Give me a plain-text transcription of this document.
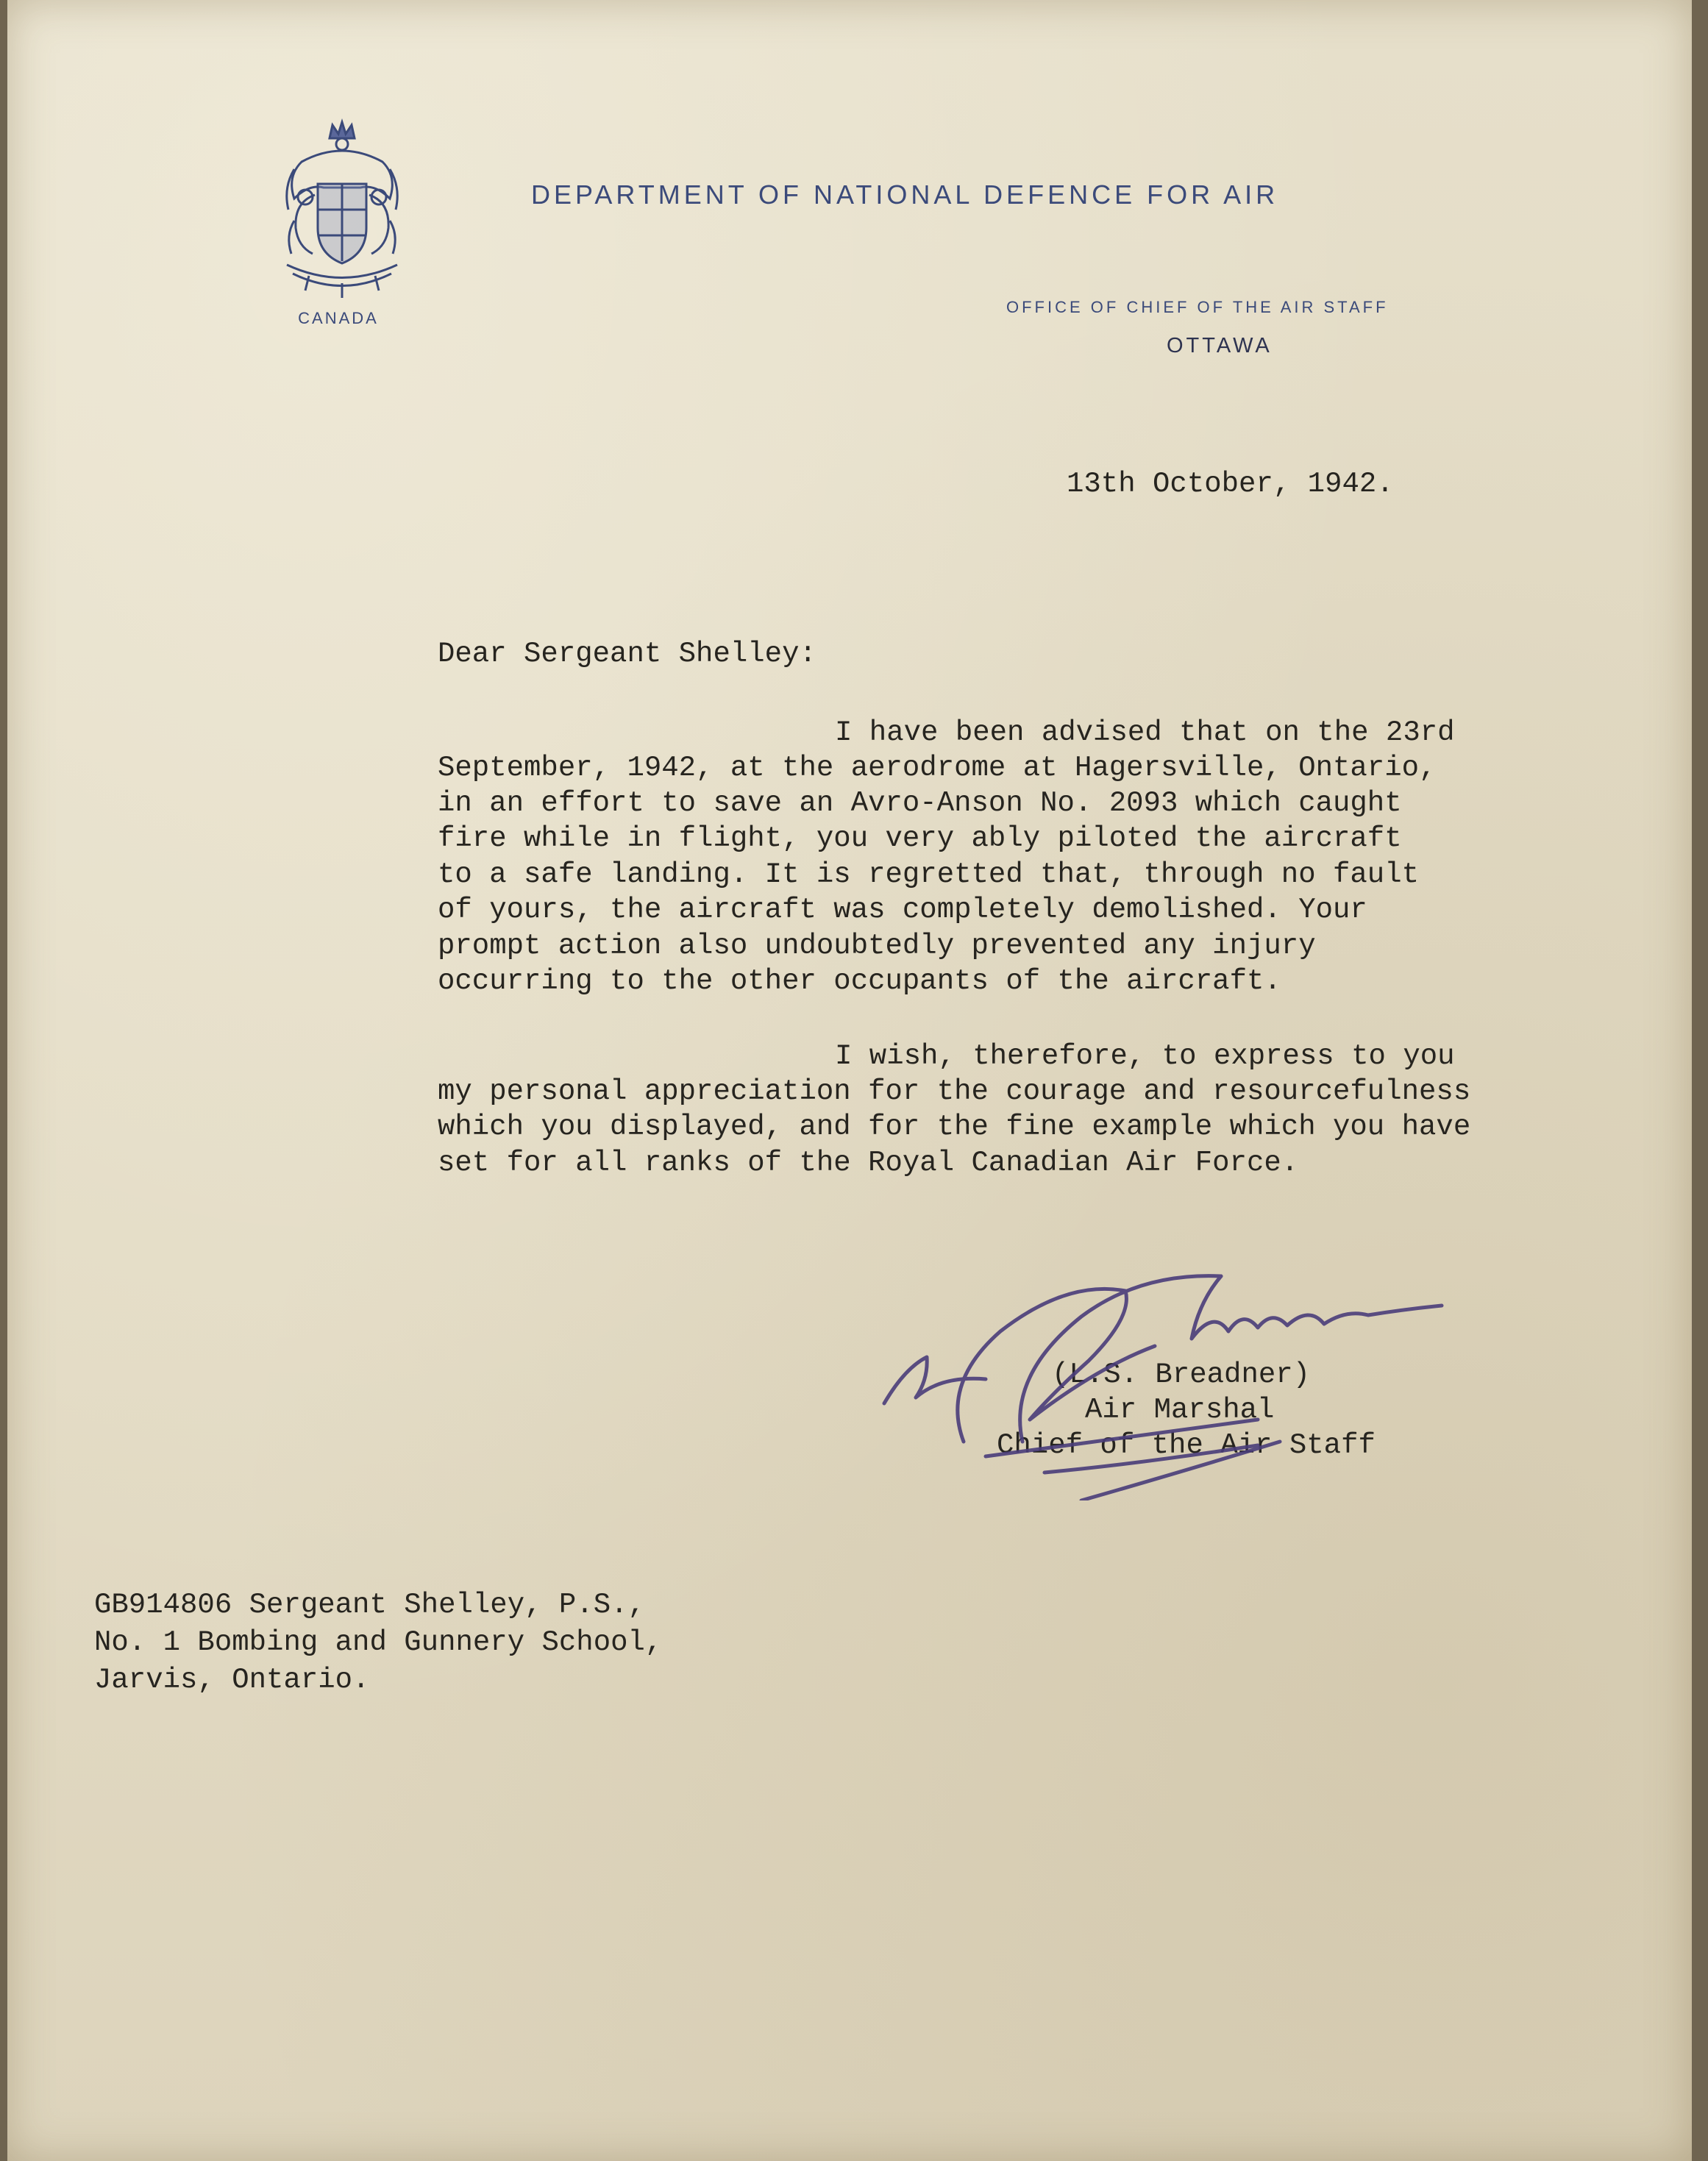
CANADA
DEPARTMENT OF NATIONAL DEFENCE FOR AIR
OFFICE OF CHIEF OF THE AIR STAFF
OTTAWA
13th October, 1942.
Dear Sergeant Shelley:
I have been advised that on the 23rd
September, 1942, at the aerodrome at Hagersville, Ontario,
in an effort to save an Avro-Anson No. 2093 which caught
fire while in flight, you very ably piloted the aircraft
to a safe landing. It is regretted that, through no fault
of yours, the aircraft was completely demolished. Your
prompt action also undoubtedly prevented any injury
occurring to the other occupants of the aircraft.
I wish, therefore, to express to you
my personal appreciation for the courage and resourcefulness
which you displayed, and for the fine example which you have
set for all ranks of the Royal Canadian Air Force.
(L.S. Breadner)
Air Marshal
Chief of the Air Staff
GB914806 Sergeant Shelley, P.S.,
No. 1 Bombing and Gunnery School,
Jarvis, Ontario.
